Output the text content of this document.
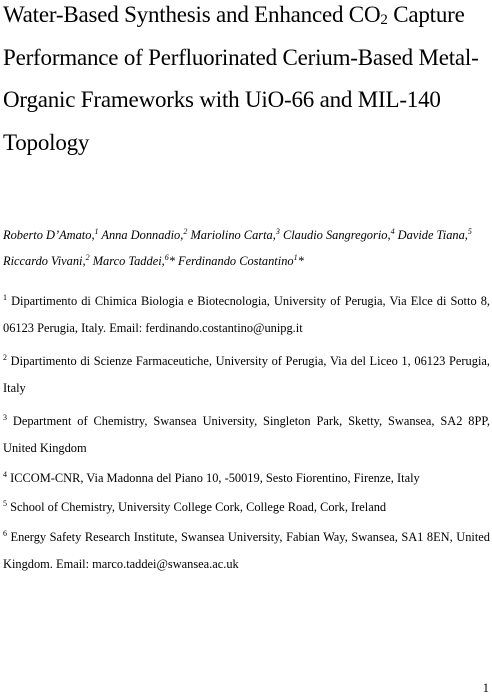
Water-Based Synthesis and Enhanced $CO_2$ Capture
Performance of Perfluorinated Cerium-Based Metal-
Organic Frameworks with UiO-66 and MIL-140
Topology
Roberto D’Amato,$^1$ Anna Donnadio,$^2$ Mariolino Carta,$^3$ Claudio Sangregorio,$^4$ Davide Tiana,$^5$
Riccardo Vivani,$^2$ Marco Taddei,$^6$* Ferdinando Costantino$^1$*
$^1$ Dipartimento di Chimica Biologia e Biotecnologia, University of Perugia, Via Elce di Sotto 8,
06123 Perugia, Italy. Email: ferdinando.costantino@unipg.it
$^2$ Dipartimento di Scienze Farmaceutiche, University of Perugia, Via del Liceo 1, 06123 Perugia,
Italy
$^3$ Department of Chemistry, Swansea University, Singleton Park, Sketty, Swansea, SA2 8PP,
United Kingdom
$^4$ ICCOM-CNR, Via Madonna del Piano 10, -50019, Sesto Fiorentino, Firenze, Italy
$^5$ School of Chemistry, University College Cork, College Road, Cork, Ireland
$^6$ Energy Safety Research Institute, Swansea University, Fabian Way, Swansea, SA1 8EN, United
Kingdom. Email: marco.taddei@swansea.ac.uk
1
